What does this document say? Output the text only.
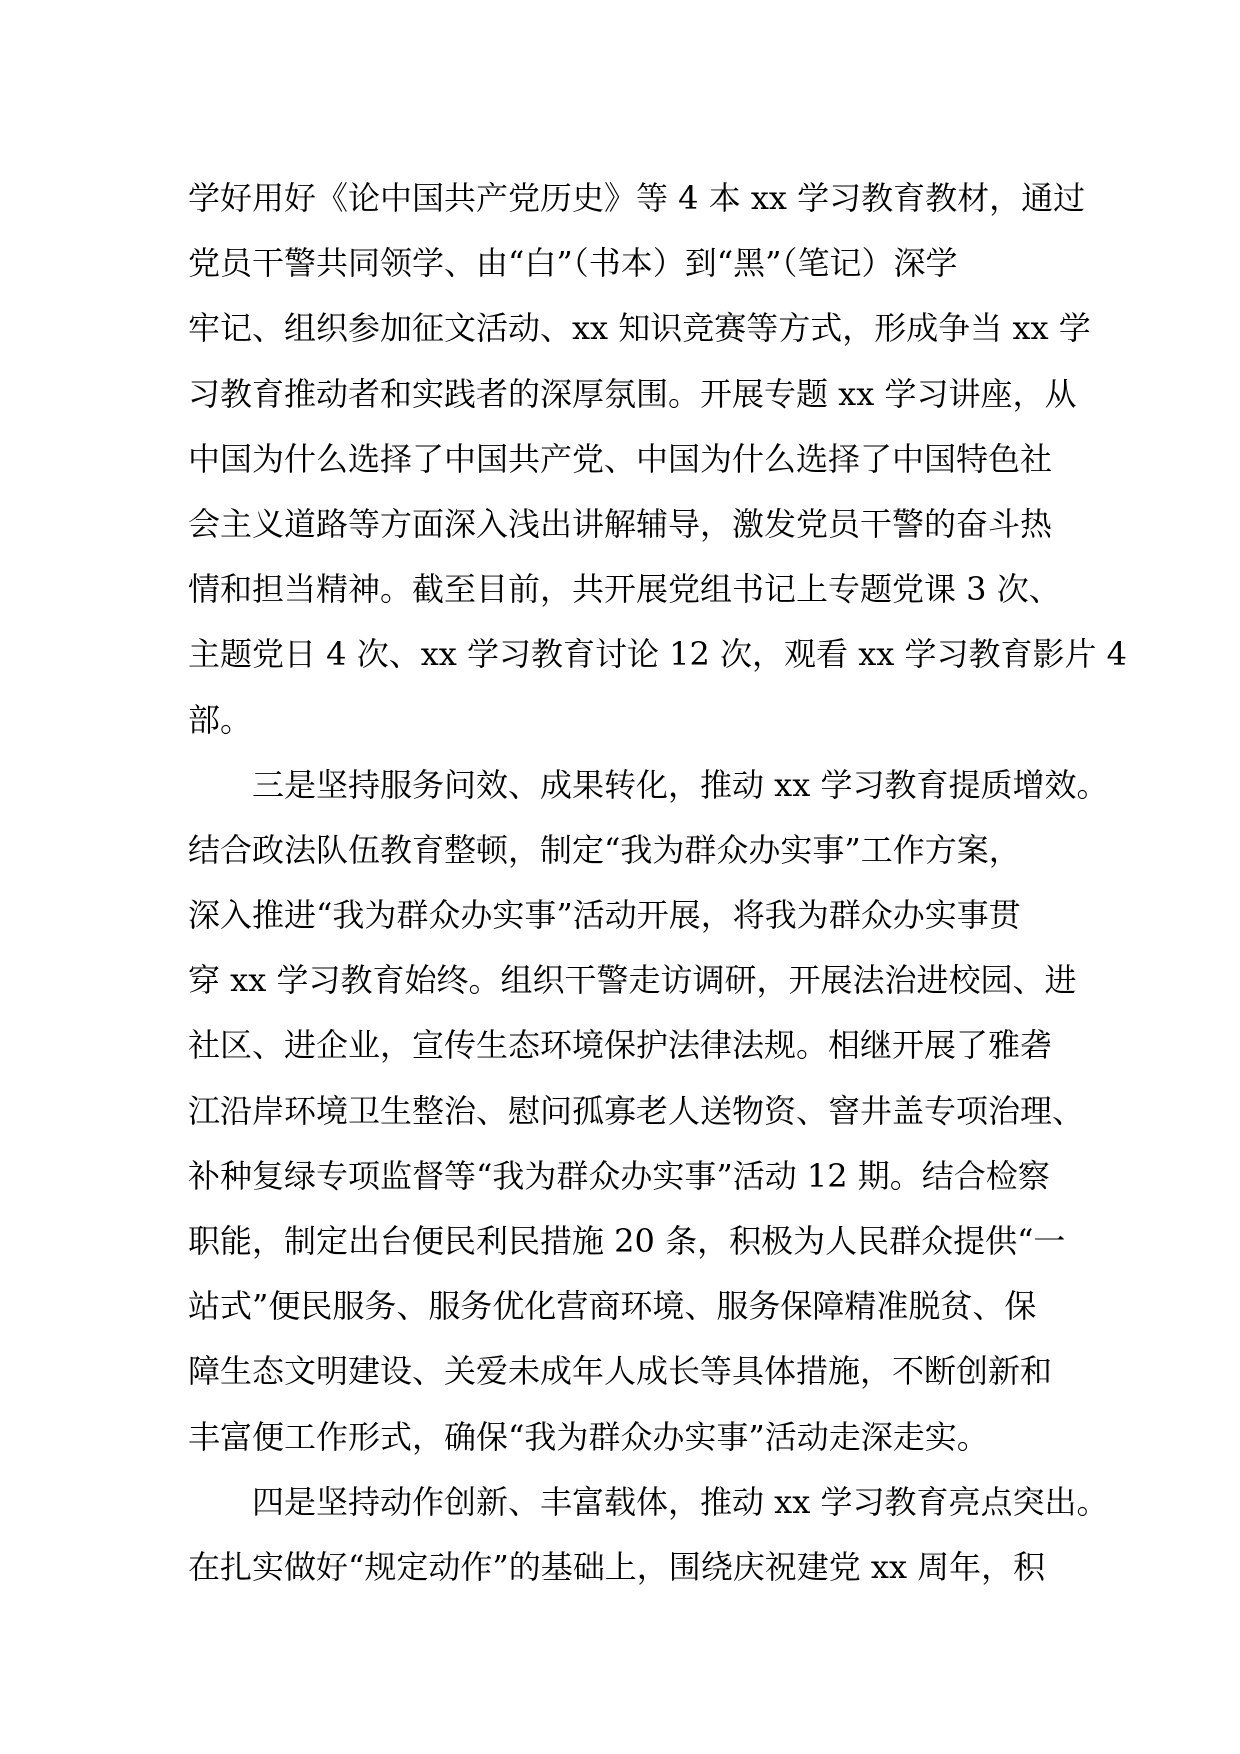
学好用好《论中国共产党历史》等 4 本 xx 学习教育教材，通过
党员干警共同领学、由“白”（书本）到“黑”（笔记）深学
牢记、组织参加征文活动、xx 知识竞赛等方式，形成争当 xx 学
习教育推动者和实践者的深厚氛围。开展专题 xx 学习讲座，从
中国为什么选择了中国共产党、中国为什么选择了中国特色社
会主义道路等方面深入浅出讲解辅导，激发党员干警的奋斗热
情和担当精神。截至目前，共开展党组书记上专题党课 3 次、
主题党日 4 次、xx 学习教育讨论 12 次，观看 xx 学习教育影片 4
部。
三是坚持服务问效、成果转化，推动 xx 学习教育提质增效。
结合政法队伍教育整顿，制定“我为群众办实事”工作方案，
深入推进“我为群众办实事”活动开展，将我为群众办实事贯
穿 xx 学习教育始终。组织干警走访调研，开展法治进校园、进
社区、进企业，宣传生态环境保护法律法规。相继开展了雅砻
江沿岸环境卫生整治、慰问孤寡老人送物资、窨井盖专项治理、
补种复绿专项监督等“我为群众办实事”活动 12 期。结合检察
职能，制定出台便民利民措施 20 条，积极为人民群众提供“一
站式”便民服务、服务优化营商环境、服务保障精准脱贫、保
障生态文明建设、关爱未成年人成长等具体措施，不断创新和
丰富便工作形式，确保“我为群众办实事”活动走深走实。
四是坚持动作创新、丰富载体，推动 xx 学习教育亮点突出。
在扎实做好“规定动作”的基础上，围绕庆祝建党 xx 周年，积
